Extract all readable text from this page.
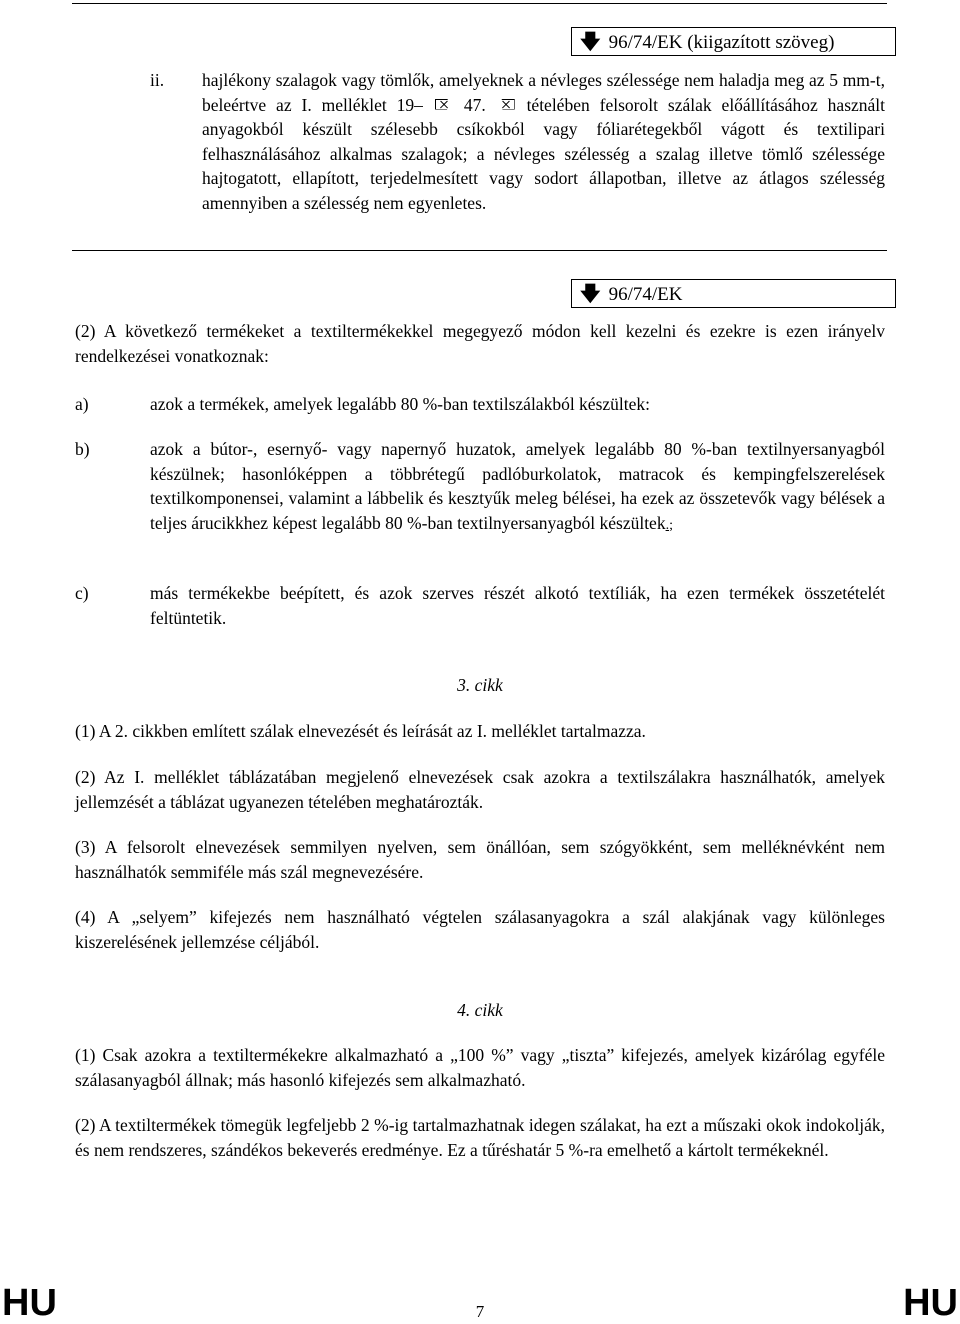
🡇 96/74/EK (kiigazított szöveg)
ii. hajlékony szalagok vagy tömlők, amelyeknek a névleges szélessége nem haladja meg az 5 mm-t, beleértve az I. melléklet 19– 47. tételében felsorolt szálak előállításához használt anyagokból készült szélesebb csíkokból vagy fóliarétegekből vágott és textilipari felhasználásához alkalmas szalagok; a névleges szélesség a szalag illetve tömlő szélessége hajtogatott, ellapított, terjedelmesített vagy sodort állapotban, illetve az átlagos szélesség amennyiben a szélesség nem egyenletes.
🡇 96/74/EK
(2) A következő termékeket a textiltermékekkel megegyező módon kell kezelni és ezekre is ezen irányelv rendelkezései vonatkoznak:
a)	azok a termékek, amelyek legalább 80 %-ban textilszálakból készültek:
b)	azok a bútor-, esernyő- vagy napernyő huzatok, amelyek legalább 80 %-ban textilnyersanyagból készülnek; hasonlóképpen a többrétegű padlóburkolatok, matracok és kempingfelszerelések textilkomponensei, valamint a lábbelik és kesztyűk meleg bélései, ha ezek az összetevők vagy bélések a teljes árucikkhez képest legalább 80 %-ban textilnyersanyagból készültek.;
c)	más termékekbe beépített, és azok szerves részét alkotó textíliák, ha ezen termékek összetételét feltüntetik.
3. cikk
(1) A 2. cikkben említett szálak elnevezését és leírását az I. melléklet tartalmazza.
(2) Az I. melléklet táblázatában megjelenő elnevezések csak azokra a textilszálakra használhatók, amelyek jellemzését a táblázat ugyanezen tételében meghatározták.
(3) A felsorolt elnevezések semmilyen nyelven, sem önállóan, sem szógyökként, sem melléknévként nem használhatók semmiféle más szál megnevezésére.
(4) A „selyem” kifejezés nem használható végtelen szálasanyagokra a szál alakjának vagy különleges kiszerelésének jellemzése céljából.
4. cikk
(1) Csak azokra a textiltermékekre alkalmazható a „100 %” vagy „tiszta” kifejezés, amelyek kizárólag egyféle szálasanyagból állnak; más hasonló kifejezés sem alkalmazható.
(2) A textiltermékek tömegük legfeljebb 2 %-ig tartalmazhatnak idegen szálakat, ha ezt a műszaki okok indokolják, és nem rendszeres, szándékos bekeverés eredménye. Ez a tűréshatár 5 %-ra emelhető a kártolt termékeknél.
HU	7	HU
